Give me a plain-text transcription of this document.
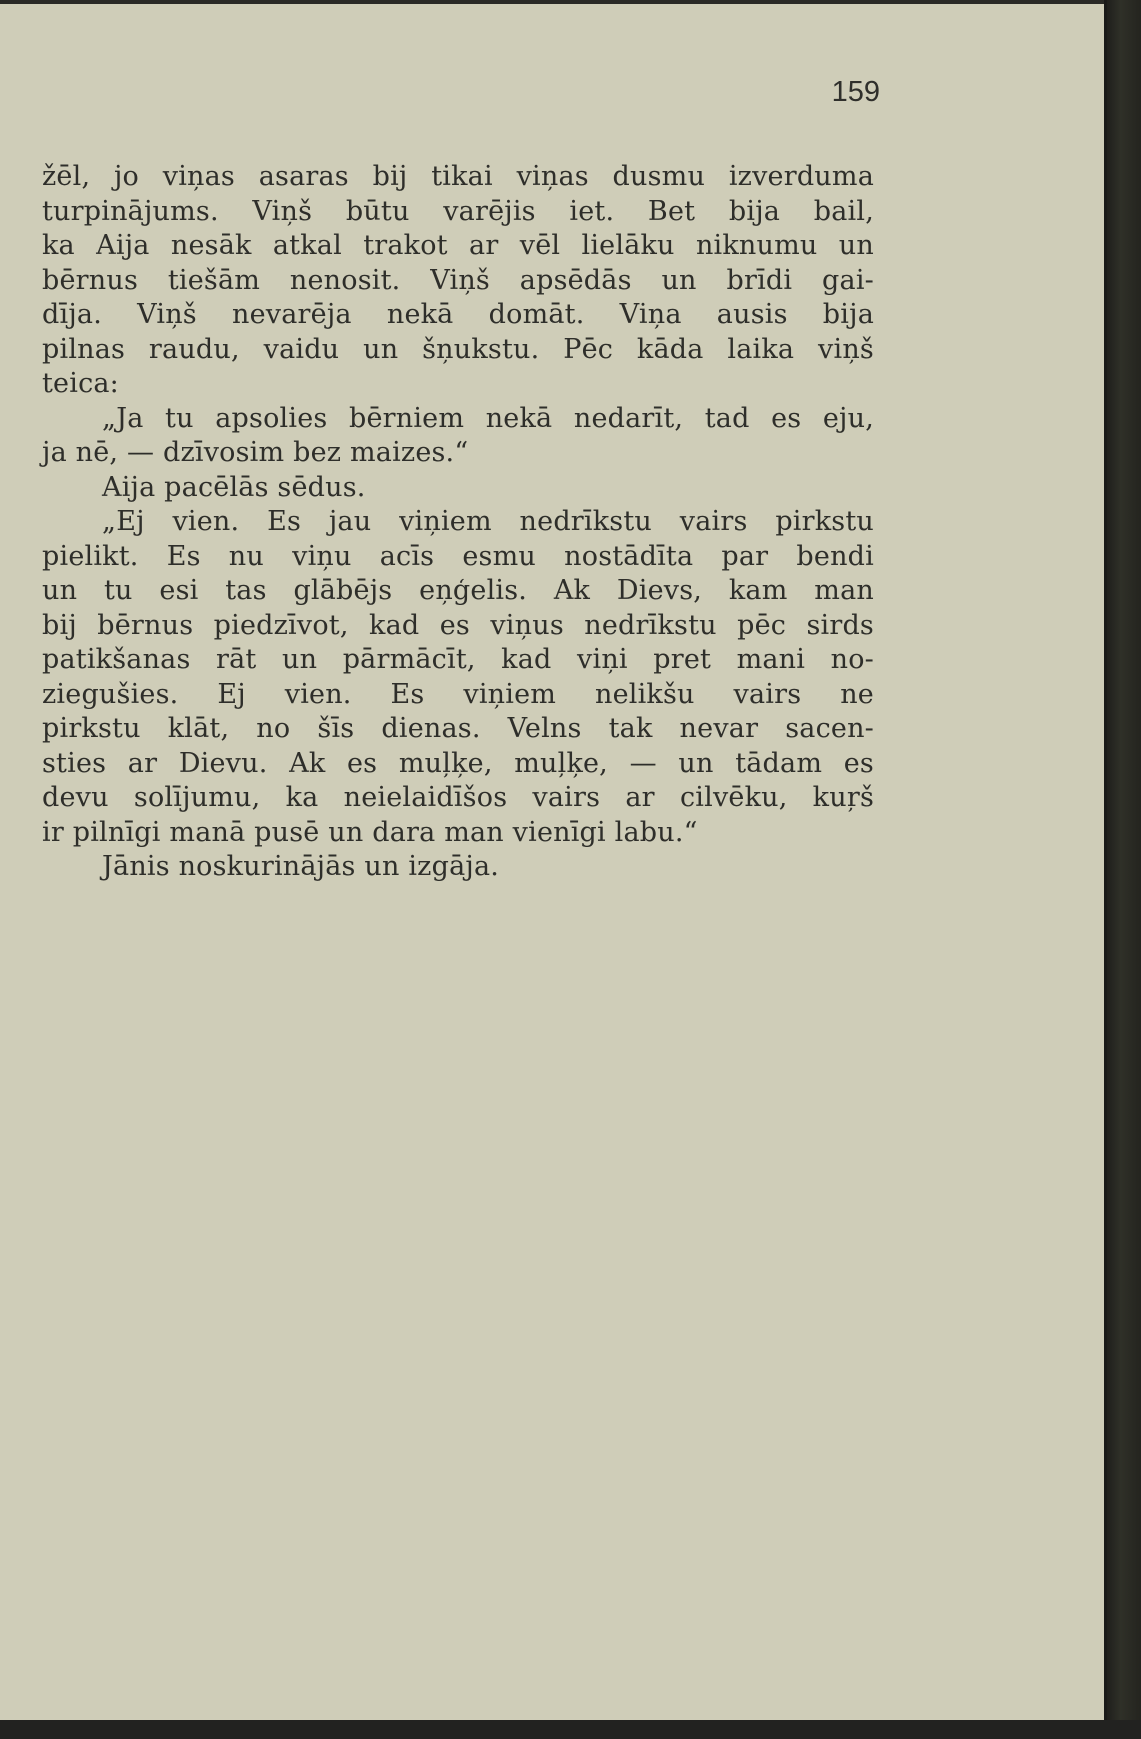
159
žēl, jo viņas asaras bij tikai viņas dusmu izverduma
turpinājums. Viņš būtu varējis iet. Bet bija bail,
ka Aija nesāk atkal trakot ar vēl lielāku niknumu un
bērnus tiešām nenosit. Viņš apsēdās un brīdi gai-
dīja. Viņš nevarēja nekā domāt. Viņa ausis bija
pilnas raudu, vaidu un šņukstu. Pēc kāda laika viņš
teica:
„Ja tu apsolies bērniem nekā nedarīt, tad es eju,
ja nē, — dzīvosim bez maizes.“
Aija pacēlās sēdus.
„Ej vien. Es jau viņiem nedrīkstu vairs pirkstu
pielikt. Es nu viņu acīs esmu nostādīta par bendi
un tu esi tas glābējs eņģelis. Ak Dievs, kam man
bij bērnus piedzīvot, kad es viņus nedrīkstu pēc sirds
patikšanas rāt un pārmācīt, kad viņi pret mani no-
ziegušies. Ej vien. Es viņiem nelikšu vairs ne
pirkstu klāt, no šīs dienas. Velns tak nevar sacen-
sties ar Dievu. Ak es muļķe, muļķe, — un tādam es
devu solījumu, ka neielaidīšos vairs ar cilvēku, kuŗš
ir pilnīgi manā pusē un dara man vienīgi labu.“
Jānis noskurinājās un izgāja.
